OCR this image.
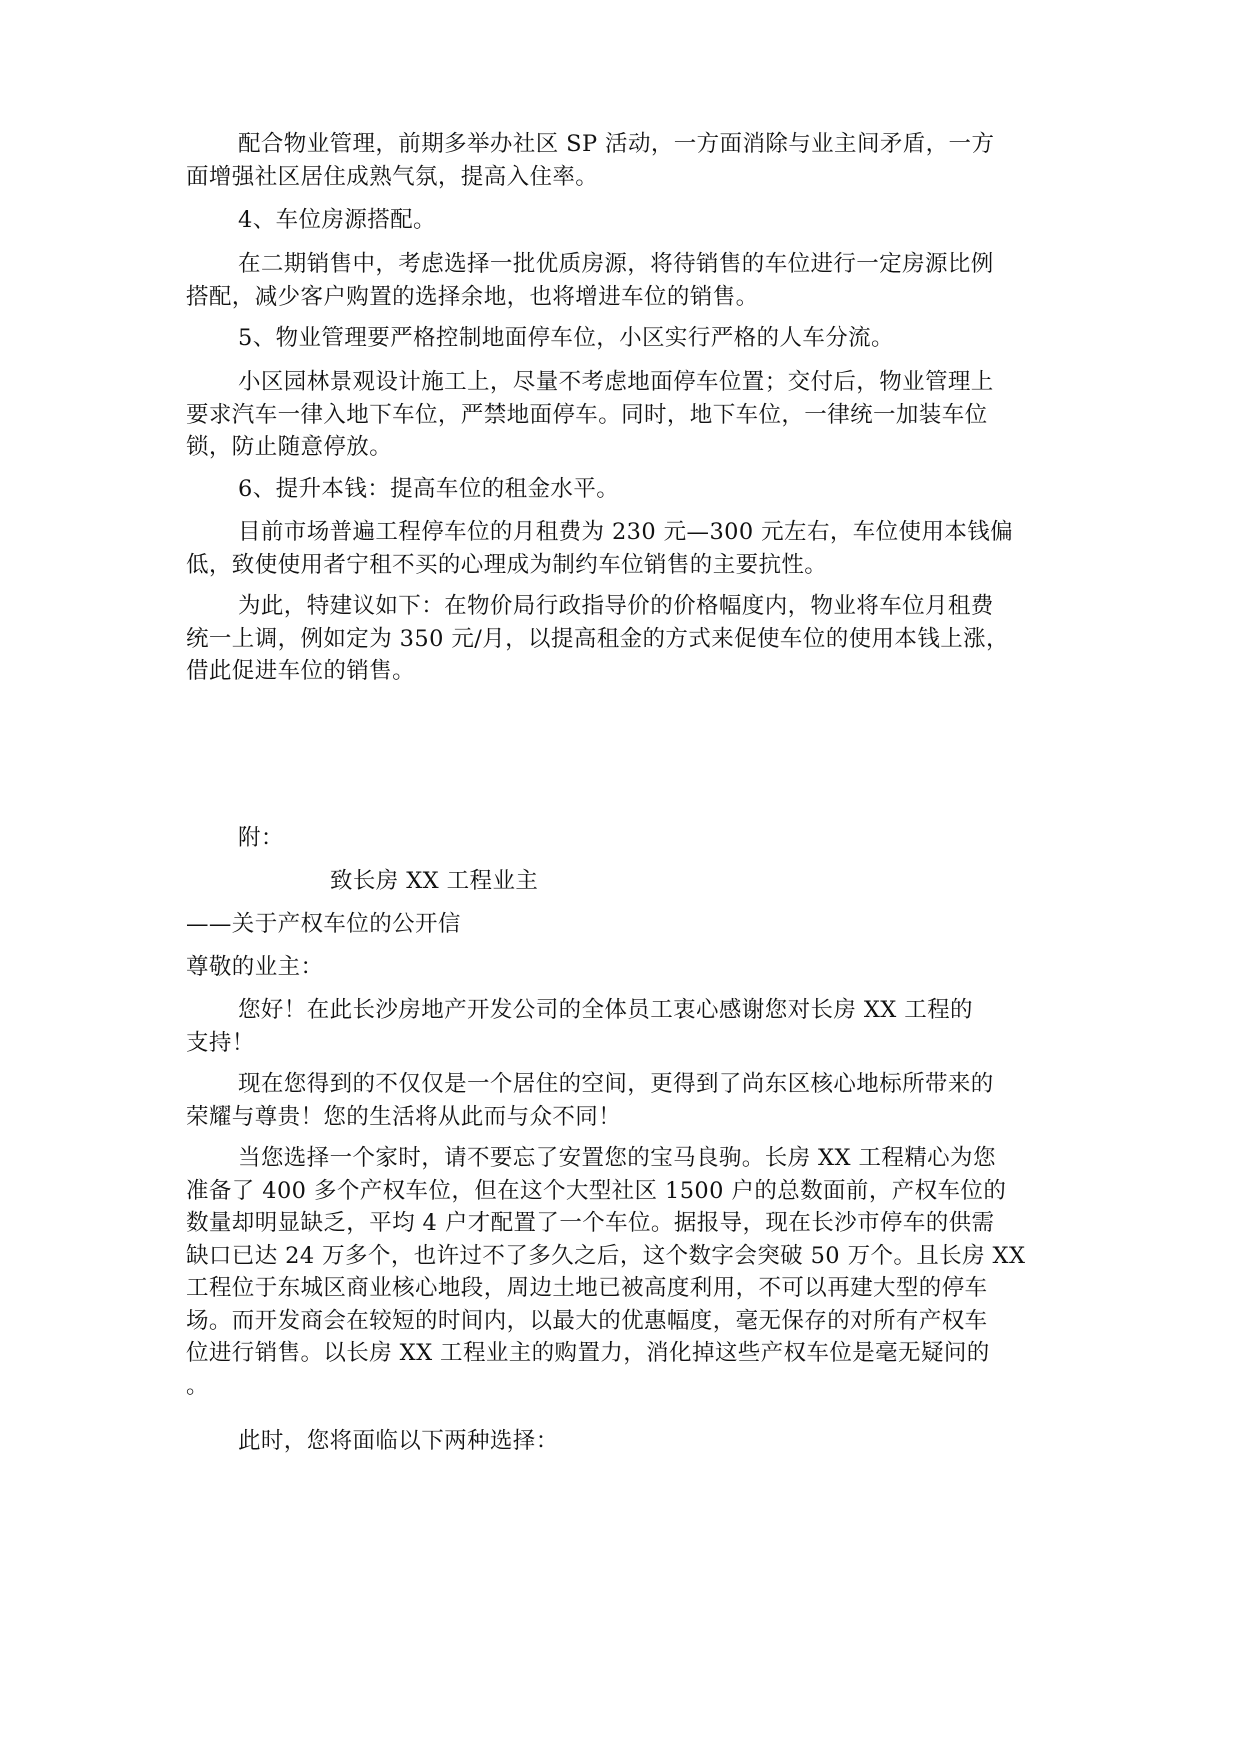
配合物业管理，前期多举办社区 SP 活动，一方面消除与业主间矛盾，一方
面增强社区居住成熟气氛，提高入住率。
4、车位房源搭配。
在二期销售中，考虑选择一批优质房源，将待销售的车位进行一定房源比例
搭配，减少客户购置的选择余地，也将增进车位的销售。
5、物业管理要严格控制地面停车位，小区实行严格的人车分流。
小区园林景观设计施工上，尽量不考虑地面停车位置；交付后，物业管理上
要求汽车一律入地下车位，严禁地面停车。同时，地下车位，一律统一加装车位
锁，防止随意停放。
6、提升本钱：提高车位的租金水平。
目前市场普遍工程停车位的月租费为 230 元—300 元左右，车位使用本钱偏
低，致使使用者宁租不买的心理成为制约车位销售的主要抗性。
为此，特建议如下：在物价局行政指导价的价格幅度内，物业将车位月租费
统一上调，例如定为 350 元/月，以提高租金的方式来促使车位的使用本钱上涨，
借此促进车位的销售。
附：
致长房 XX 工程业主
——关于产权车位的公开信
尊敬的业主：
您好！在此长沙房地产开发公司的全体员工衷心感谢您对长房 XX 工程的
支持！
现在您得到的不仅仅是一个居住的空间，更得到了尚东区核心地标所带来的
荣耀与尊贵！您的生活将从此而与众不同！
当您选择一个家时，请不要忘了安置您的宝马良驹。长房 XX 工程精心为您
准备了 400 多个产权车位，但在这个大型社区 1500 户的总数面前，产权车位的
数量却明显缺乏，平均 4 户才配置了一个车位。据报导，现在长沙市停车的供需
缺口已达 24 万多个，也许过不了多久之后，这个数字会突破 50 万个。且长房 XX
工程位于东城区商业核心地段，周边土地已被高度利用，不可以再建大型的停车
场。而开发商会在较短的时间内，以最大的优惠幅度，毫无保存的对所有产权车
位进行销售。以长房 XX 工程业主的购置力，消化掉这些产权车位是毫无疑问的
。
此时，您将面临以下两种选择：
